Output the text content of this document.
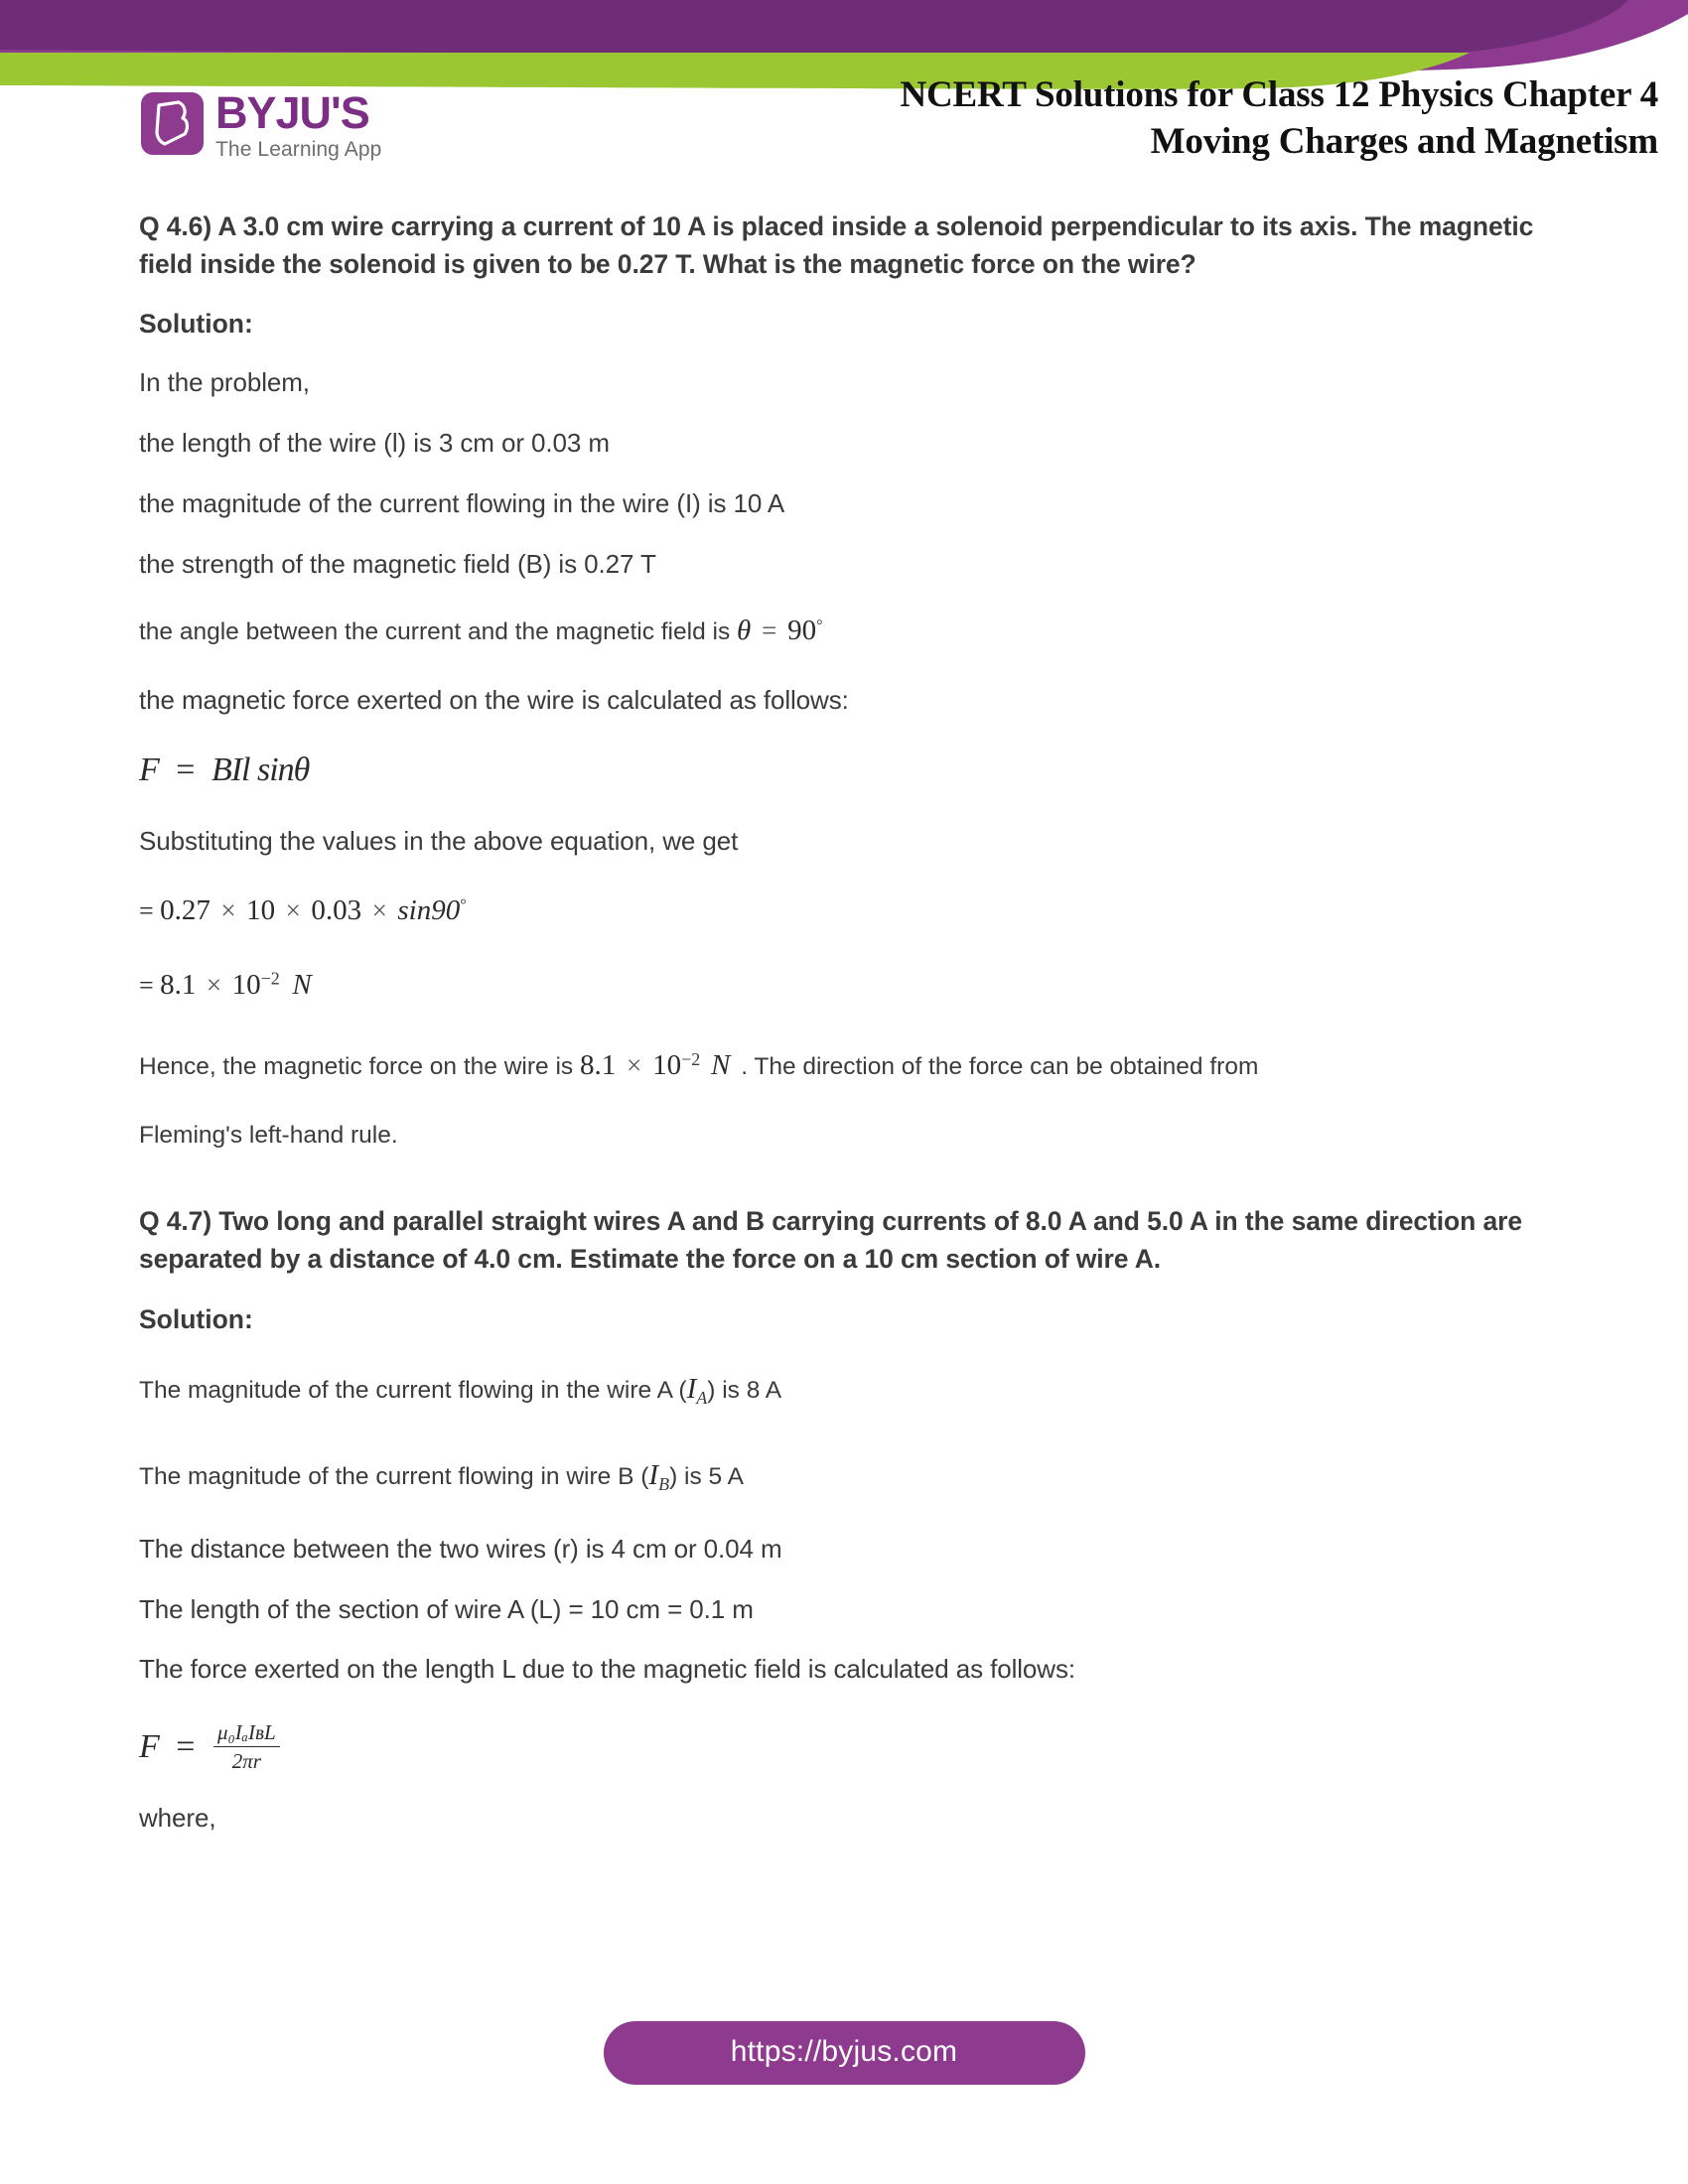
BYJU'S
The Learning App
NCERT Solutions for Class 12 Physics Chapter 4
Moving Charges and Magnetism
Q 4.6) A 3.0 cm wire carrying a current of 10 A is placed inside a solenoid perpendicular to its axis. The magnetic field inside the solenoid is given to be 0.27 T. What is the magnetic force on the wire?
Solution:
In the problem,
the length of the wire (l) is 3 cm or 0.03 m
the magnitude of the current flowing in the wire (I) is 10 A
the strength of the magnetic field (B) is 0.27 T
the angle between the current and the magnetic field is θ = 90°
the magnetic force exerted on the wire is calculated as follows:
F = BIl sinθ
Substituting the values in the above equation, we get
= 0.27 × 10 × 0.03 × sin90°
= $8.1 \times 10^{-2}$ N
Hence, the magnetic force on the wire is $8.1 \times 10^{-2}$ N . The direction of the force can be obtained from
Fleming's left-hand rule.
Q 4.7) Two long and parallel straight wires A and B carrying currents of 8.0 A and 5.0 A in the same direction are separated by a distance of 4.0 cm. Estimate the force on a 10 cm section of wire A.
Solution:
The magnitude of the current flowing in the wire A $(I_A)$ is 8 A
The magnitude of the current flowing in wire B $(I_B)$ is 5 A
The distance between the two wires (r) is 4 cm or 0.04 m
The length of the section of wire A (L) = 10 cm = 0.1 m
The force exerted on the length L due to the magnetic field is calculated as follows:
$F = \frac{\text{μ₀IₐIʙL}}{2\pi r}$
where,
https://byjus.com
